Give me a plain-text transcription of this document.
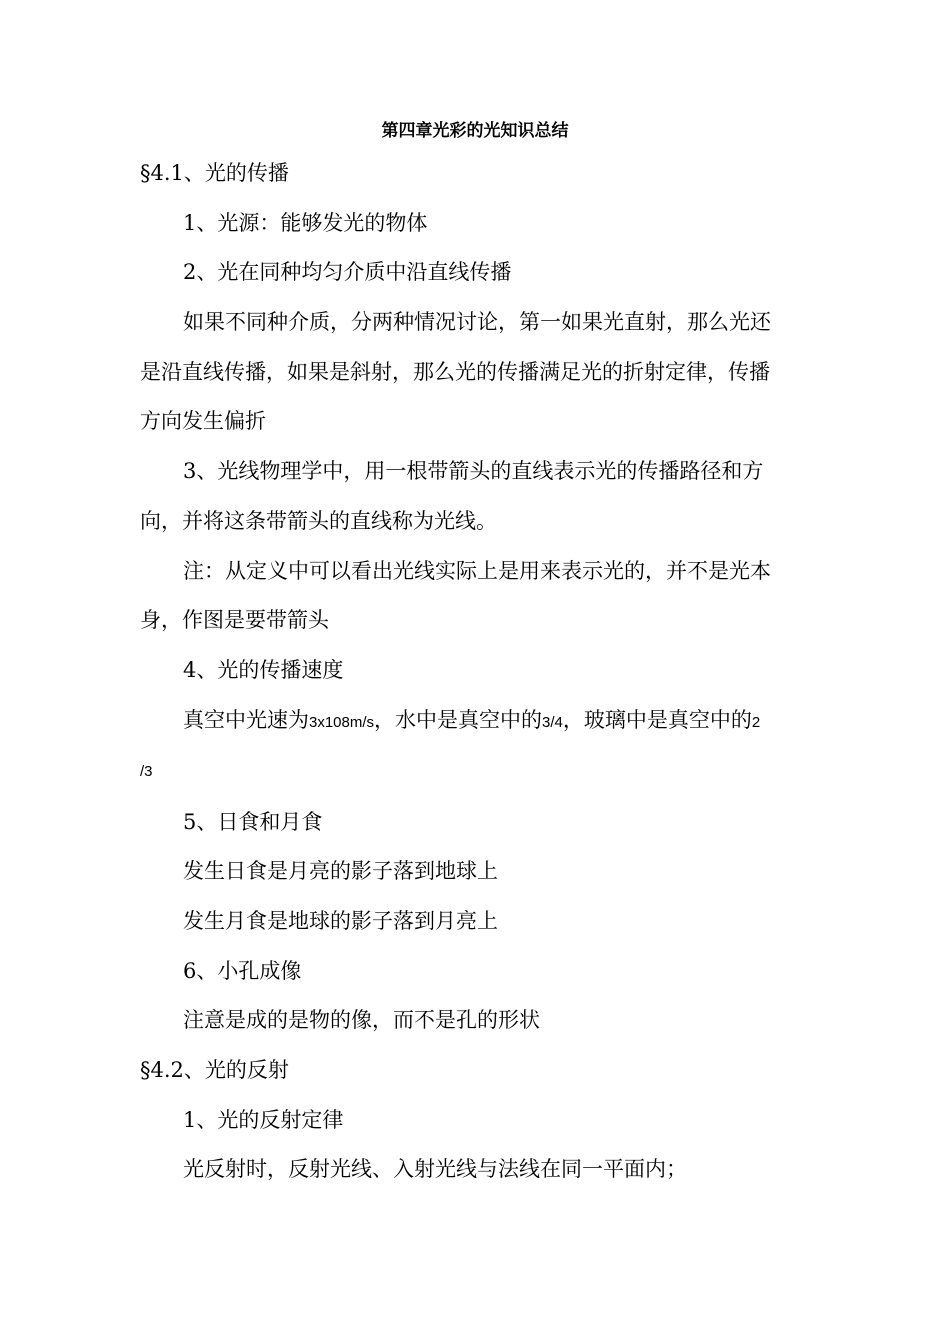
第四章光彩的光知识总结

§4.1、光的传播

1、光源：能够发光的物体

2、光在同种均匀介质中沿直线传播

如果不同种介质，分两种情况讨论，第一如果光直射，那么光还

是沿直线传播，如果是斜射，那么光的传播满足光的折射定律，传播

方向发生偏折

3、光线物理学中，用一根带箭头的直线表示光的传播路径和方

向，并将这条带箭头的直线称为光线。

注：从定义中可以看出光线实际上是用来表示光的，并不是光本

身，作图是要带箭头

4、光的传播速度

真空中光速为3x108m/s，水中是真空中的3/4，玻璃中是真空中的2

/3

5、日食和月食

发生日食是月亮的影子落到地球上

发生月食是地球的影子落到月亮上

6、小孔成像

注意是成的是物的像，而不是孔的形状

§4.2、光的反射

1、光的反射定律

光反射时，反射光线、入射光线与法线在同一平面内；
